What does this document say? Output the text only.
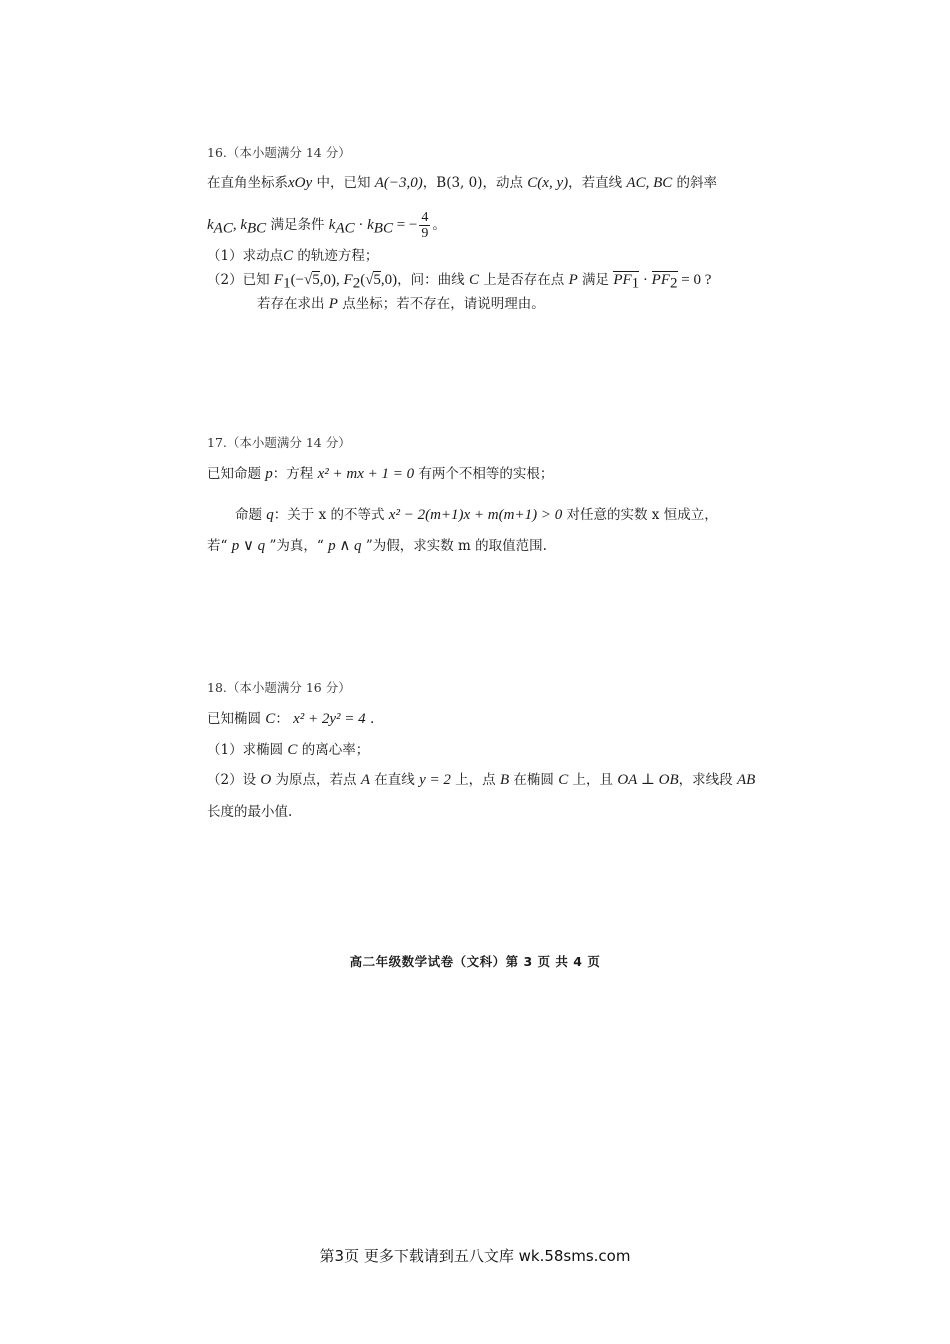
16.（本小题满分 14 分）
在直角坐标系xOy 中，已知 A(−3,0)，B(3, 0)，动点 C(x, y)，若直线 AC, BC 的斜率
$k_{AC}$, $k_{BC}$ 满足条件 $k_{AC} \cdot k_{BC}$ = − $\frac{4}{9}$ 。
（1）求动点C 的轨迹方程；
（2）已知 $F_1(-√5,0)$, $F_2(√5,0)$，问：曲线 C 上是否存在点 P 满足 $PF_1 \cdot PF_2 = 0$ ?
若存在求出 P 点坐标；若不存在，请说明理由。
17.（本小题满分 14 分）
已知命题 p：方程 x² + mx + 1 = 0 有两个不相等的实根；
命题 q：关于 x 的不等式 x² − 2(m+1)x + m(m+1) > 0 对任意的实数 x 恒成立，
若“ p ∨ q ”为真，“ p ∧ q ”为假，求实数 m 的取值范围.
18.（本小题满分 16 分）
已知椭圆 C： x² + 2y² = 4 .
（1）求椭圆 C 的离心率；
（2）设 O 为原点，若点 A 在直线 y = 2 上，点 B 在椭圆 C 上，且 OA ⊥ OB，求线段 AB
长度的最小值.
高二年级数学试卷（文科）第 3 页 共 4 页
第3页 更多下载请到五八文库 wk.58sms.com
